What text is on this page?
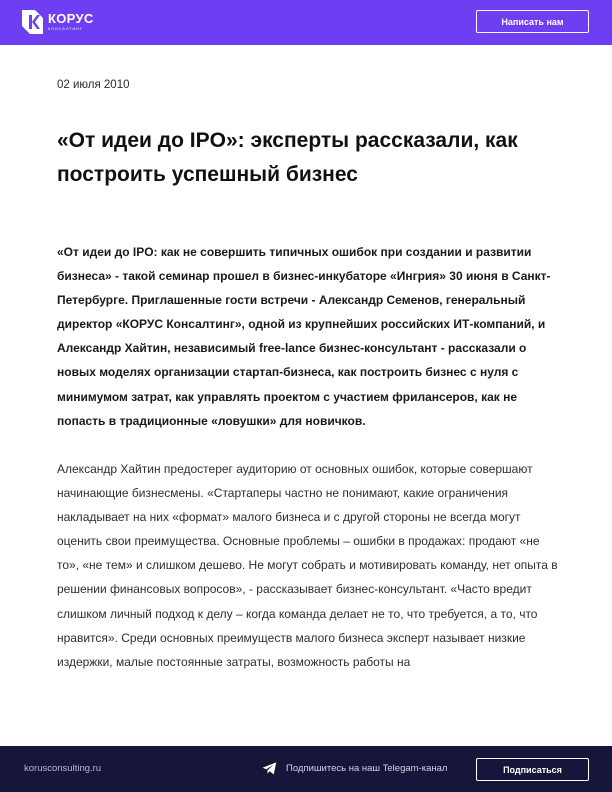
КОРУС
КОНСАЛТИНГ
Написать нам
02 июля 2010
«От идеи до IPO»: эксперты рассказали, как построить успешный бизнес

«От идеи до IPO: как не совершить типичных ошибок при создании и развитии бизнеса» - такой семинар прошел в бизнес-инкубаторе «Ингрия» 30 июня в Санкт-Петербурге. Приглашенные гости встречи - Александр Семенов, генеральный директор «КОРУС Консалтинг», одной из крупнейших российских ИТ-компаний, и Александр Хайтин, независимый free-lance бизнес-консультант - рассказали о новых моделях организации стартап-бизнеса, как построить бизнес с нуля с минимумом затрат, как управлять проектом с участием фрилансеров, как не попасть в традиционные «ловушки» для новичков.

Александр Хайтин предостерег аудиторию от основных ошибок, которые совершают начинающие бизнесмены. «Стартаперы частно не понимают, какие ограничения накладывает на них «формат» малого бизнеса и с другой стороны не всегда могут оценить свои преимущества. Основные проблемы – ошибки в продажах: продают «не то», «не тем» и слишком дешево. Не могут собрать и мотивировать команду, нет опыта в решении финансовых вопросов», - рассказывает бизнес-консультант. «Часто вредит слишком личный подход к делу – когда команда делает не то, что требуется, а то, что нравится». Среди основных преимуществ малого бизнеса эксперт называет низкие издержки, малые постоянные затраты, возможность работы на

korusconsulting.ru	Подпишитесь на наш Telegam-канал	Подписаться
